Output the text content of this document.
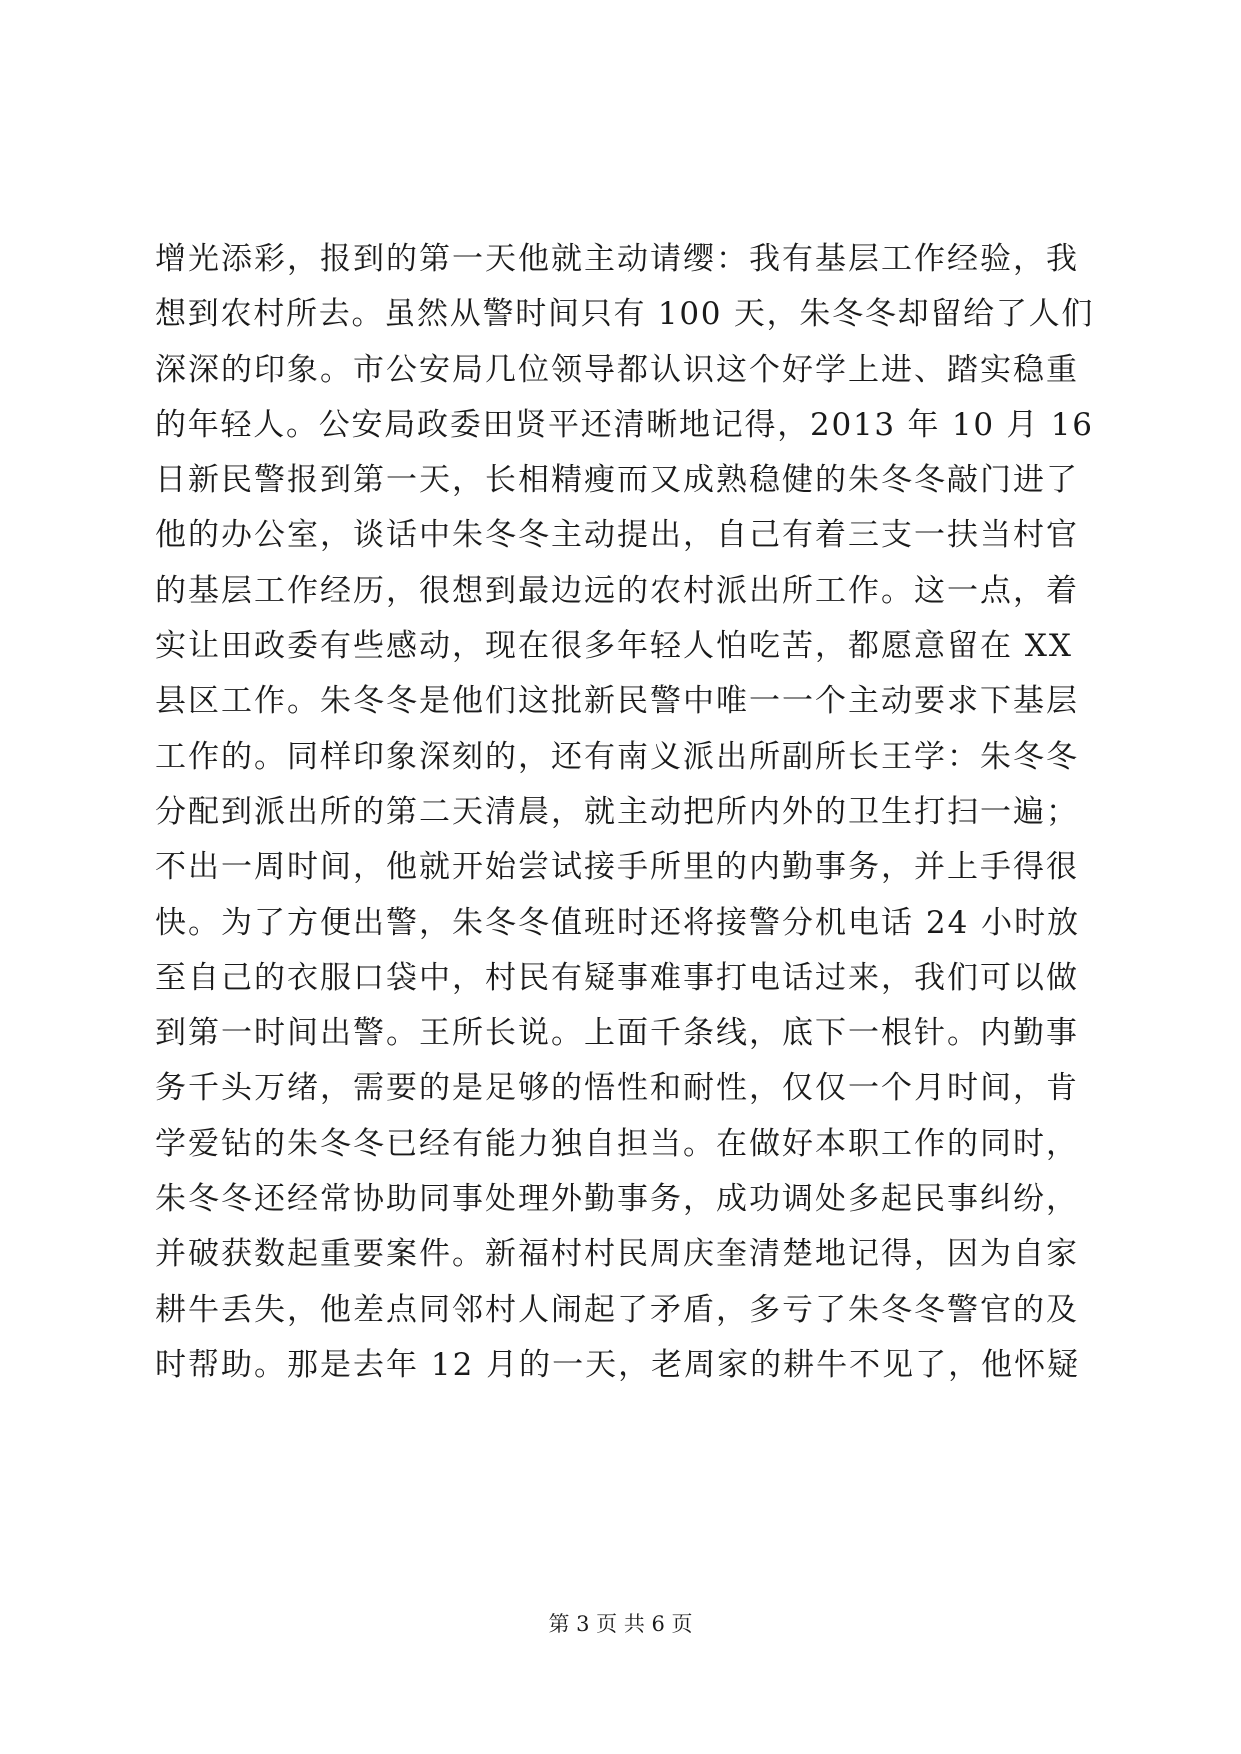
增光添彩，报到的第一天他就主动请缨：我有基层工作经验，我
想到农村所去。虽然从警时间只有 100 天，朱冬冬却留给了人们
深深的印象。市公安局几位领导都认识这个好学上进、踏实稳重
的年轻人。公安局政委田贤平还清晰地记得，2013 年 10 月 16
日新民警报到第一天，长相精瘦而又成熟稳健的朱冬冬敲门进了
他的办公室，谈话中朱冬冬主动提出，自己有着三支一扶当村官
的基层工作经历，很想到最边远的农村派出所工作。这一点，着
实让田政委有些感动，现在很多年轻人怕吃苦，都愿意留在 XX
县区工作。朱冬冬是他们这批新民警中唯一一个主动要求下基层
工作的。同样印象深刻的，还有南义派出所副所长王学：朱冬冬
分配到派出所的第二天清晨，就主动把所内外的卫生打扫一遍；
不出一周时间，他就开始尝试接手所里的内勤事务，并上手得很
快。为了方便出警，朱冬冬值班时还将接警分机电话 24 小时放
至自己的衣服口袋中，村民有疑事难事打电话过来，我们可以做
到第一时间出警。王所长说。上面千条线，底下一根针。内勤事
务千头万绪，需要的是足够的悟性和耐性，仅仅一个月时间，肯
学爱钻的朱冬冬已经有能力独自担当。在做好本职工作的同时，
朱冬冬还经常协助同事处理外勤事务，成功调处多起民事纠纷，
并破获数起重要案件。新福村村民周庆奎清楚地记得，因为自家
耕牛丢失，他差点同邻村人闹起了矛盾，多亏了朱冬冬警官的及
时帮助。那是去年 12 月的一天，老周家的耕牛不见了，他怀疑
第 3 页 共 6 页
